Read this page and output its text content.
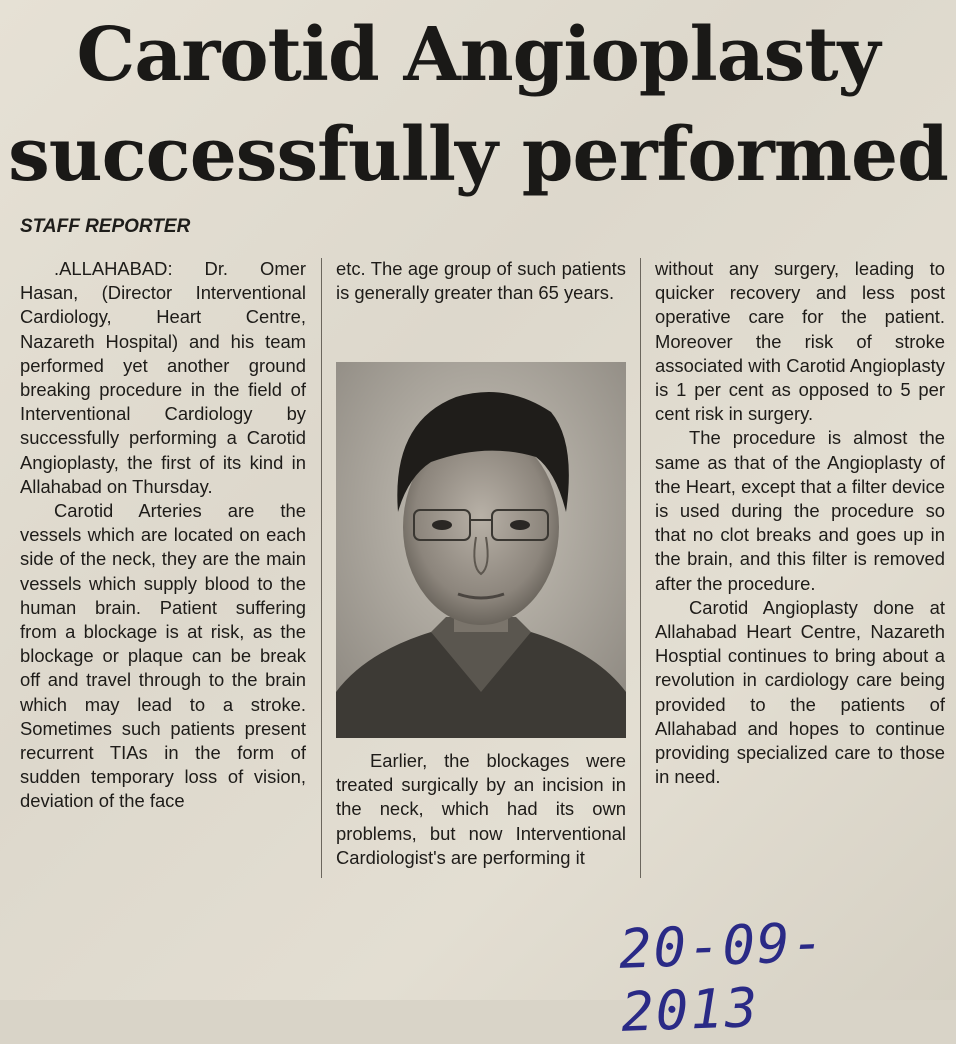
Carotid Angioplasty
successfully performed
STAFF REPORTER

.ALLAHABAD: Dr. Omer Hasan, (Director Interventional Cardiology, Heart Centre, Nazareth Hospital) and his team performed yet another ground breaking procedure in the field of Interventional Cardiology by successfully performing a Carotid Angioplasty, the first of its kind in Allahabad on Thursday.

Carotid Arteries are the vessels which are located on each side of the neck, they are the main vessels which supply blood to the human brain. Patient suffering from a blockage is at risk, as the blockage or plaque can be break off and travel through to the brain which may lead to a stroke. Sometimes such patients present recurrent TIAs in the form of sudden temporary loss of vision, deviation of the face

etc. The age group of such patients is generally greater than 65 years.

Earlier, the blockages were treated surgically by an incision in the neck, which had its own problems, but now Interventional Cardiologist's are performing it

without any surgery, leading to quicker recovery and less post operative care for the patient. Moreover the risk of stroke associated with Carotid Angioplasty is 1 per cent as opposed to 5 per cent risk in surgery.

The procedure is almost the same as that of the Angioplasty of the Heart, except that a filter device is used during the procedure so that no clot breaks and goes up in the brain, and this filter is removed after the procedure.

Carotid Angioplasty done at Allahabad Heart Centre, Nazareth Hosptial continues to bring about a revolution in cardiology care being provided to the patients of Allahabad and hopes to continue providing specialized care to those in need.

20-09-2013
